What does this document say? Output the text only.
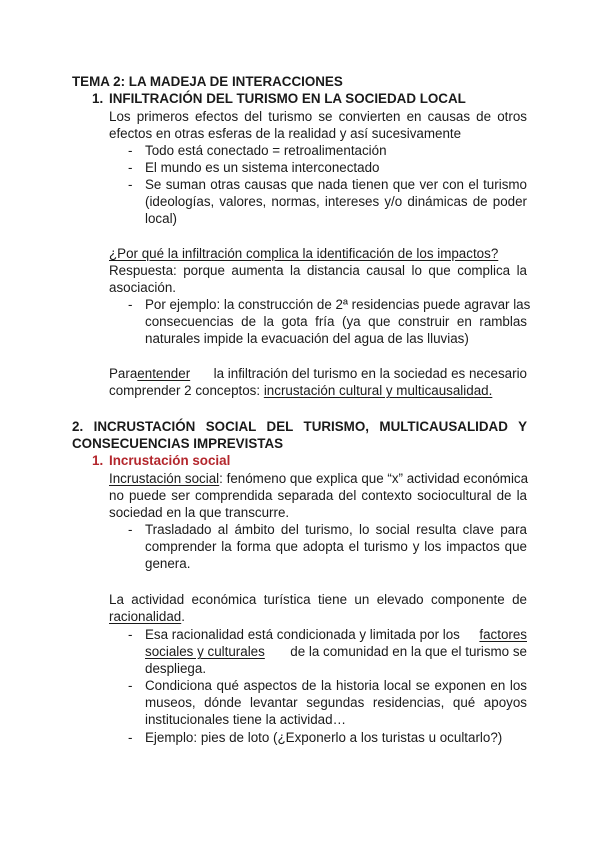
TEMA 2: LA MADEJA DE INTERACCIONES
1. INFILTRACIÓN DEL TURISMO EN LA SOCIEDAD LOCAL
Los primeros efectos del turismo se convierten en causas de otros
efectos en otras esferas de la realidad y así sucesivamente
- Todo está conectado = retroalimentación
- El mundo es un sistema interconectado
- Se suman otras causas que nada tienen que ver con el turismo
(ideologías, valores, normas, intereses y/o dinámicas de poder
local)
¿Por qué la infiltración complica la identificación de los impactos?
Respuesta: porque aumenta la distancia causal lo que complica la
asociación.
- Por ejemplo: la construcción de 2ª residencias puede agravar las
consecuencias de la gota fría (ya que construir en ramblas
naturales impide la evacuación del agua de las lluvias)
Para entender	la infiltración del turismo en la sociedad es necesario
comprender 2 conceptos: incrustación cultural y multicausalidad.
2. INCRUSTACIÓN SOCIAL DEL TURISMO, MULTICAUSALIDAD Y
CONSECUENCIAS IMPREVISTAS
1. Incrustación social
Incrustación social: fenómeno que explica que “x” actividad económica
no puede ser comprendida separada del contexto sociocultural de la
sociedad en la que transcurre.
- Trasladado al ámbito del turismo, lo social resulta clave para
comprender la forma que adopta el turismo y los impactos que
genera.
La actividad económica turística tiene un elevado componente de
racionalidad.
- Esa racionalidad está condicionada y limitada por los factores
sociales y culturales	de la comunidad en la que el turismo se
despliega.
- Condiciona qué aspectos de la historia local se exponen en los
museos, dónde levantar segundas residencias, qué apoyos
institucionales tiene la actividad…
- Ejemplo: pies de loto (¿Exponerlo a los turistas u ocultarlo?)
